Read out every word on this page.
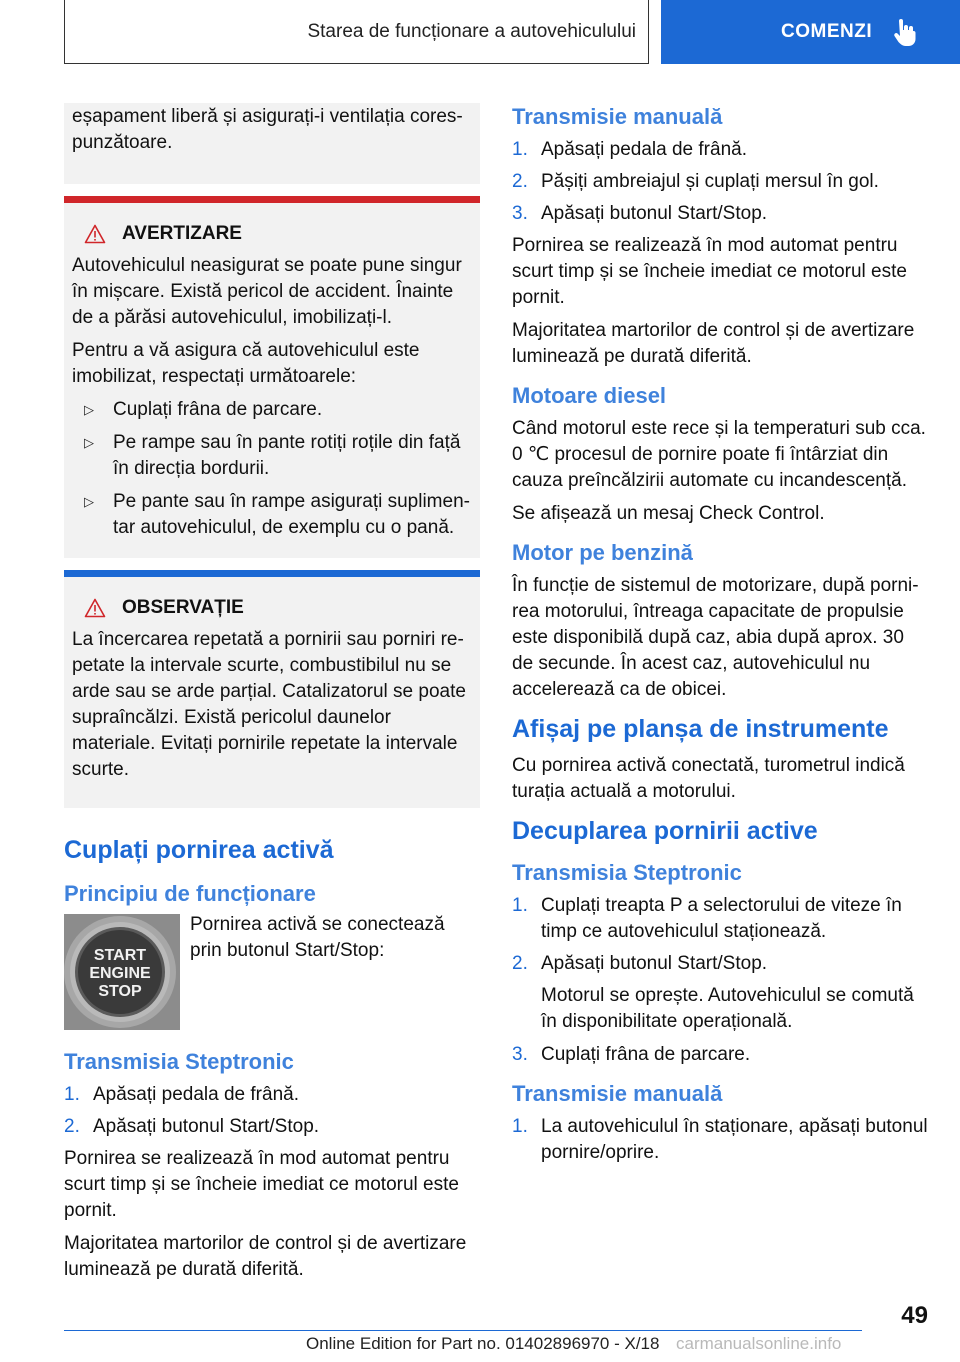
Starea de funcționare a autovehiculului	COMENZI

eșapament liberă și asigurați-i ventilația corespunzătoare.

AVERTIZARE

Autovehiculul neasigurat se poate pune singur în mișcare. Există pericol de accident. Înainte de a părăsi autovehiculul, imobilizați-l.

Pentru a vă asigura că autovehiculul este imobilizat, respectați următoarele:

▷ Cuplați frâna de parcare.
▷ Pe rampe sau în pante rotiți roțile din față în direcția bordurii.
▷ Pe pante sau în rampe asigurați suplimentar autovehiculul, de exemplu cu o pană.
OBSERVAȚIE

La încercarea repetată a pornirii sau porniri repetate la intervale scurte, combustibilul nu se arde sau se arde parțial. Catalizatorul se poate supraîncălzi. Există pericolul daunelor materiale. Evitați pornirile repetate la intervale scurte.

Cuplați pornirea activă
Principiu de funcționare
START
ENGINE
STOP

Pornirea activă se conectează prin butonul Start/Stop:

Transmisia Steptronic
1. Apăsați pedala de frână.
2. Apăsați butonul Start/Stop.

Pornirea se realizează în mod automat pentru scurt timp și se încheie imediat ce motorul este pornit.

Majoritatea martorilor de control și de avertizare luminează pe durată diferită.

Transmisie manuală
1. Apăsați pedala de frână.
2. Pășiți ambreiajul și cuplați mersul în gol.
3. Apăsați butonul Start/Stop.

Pornirea se realizează în mod automat pentru scurt timp și se încheie imediat ce motorul este pornit.

Majoritatea martorilor de control și de avertizare luminează pe durată diferită.

Motoare diesel

Când motorul este rece și la temperaturi sub cca. 0 ℃ procesul de pornire poate fi întârziat din cauza preîncălzirii automate cu incandescență.

Se afișează un mesaj Check Control.

Motor pe benzină

În funcție de sistemul de motorizare, după pornirea motorului, întreaga capacitate de propulsie este disponibilă după caz, abia după aprox. 30 de secunde. În acest caz, autovehiculul nu accelerează ca de obicei.

Afișaj pe planșa de instrumente

Cu pornirea activă conectată, turometrul indică turația actuală a motorului.

Decuplarea pornirii active
Transmisia Steptronic
1. Cuplați treapta P a selectorului de viteze în timp ce autovehiculul staționează.
2. Apăsați butonul Start/Stop.

Motorul se oprește. Autovehiculul se comută în disponibilitate operațională.

3. Cuplați frâna de parcare.
Transmisie manuală
1. La autovehiculul în staționare, apăsați butonul pornire/oprire.
49
Online Edition for Part no. 01402896970 - X/18 carmanualsonline.info
